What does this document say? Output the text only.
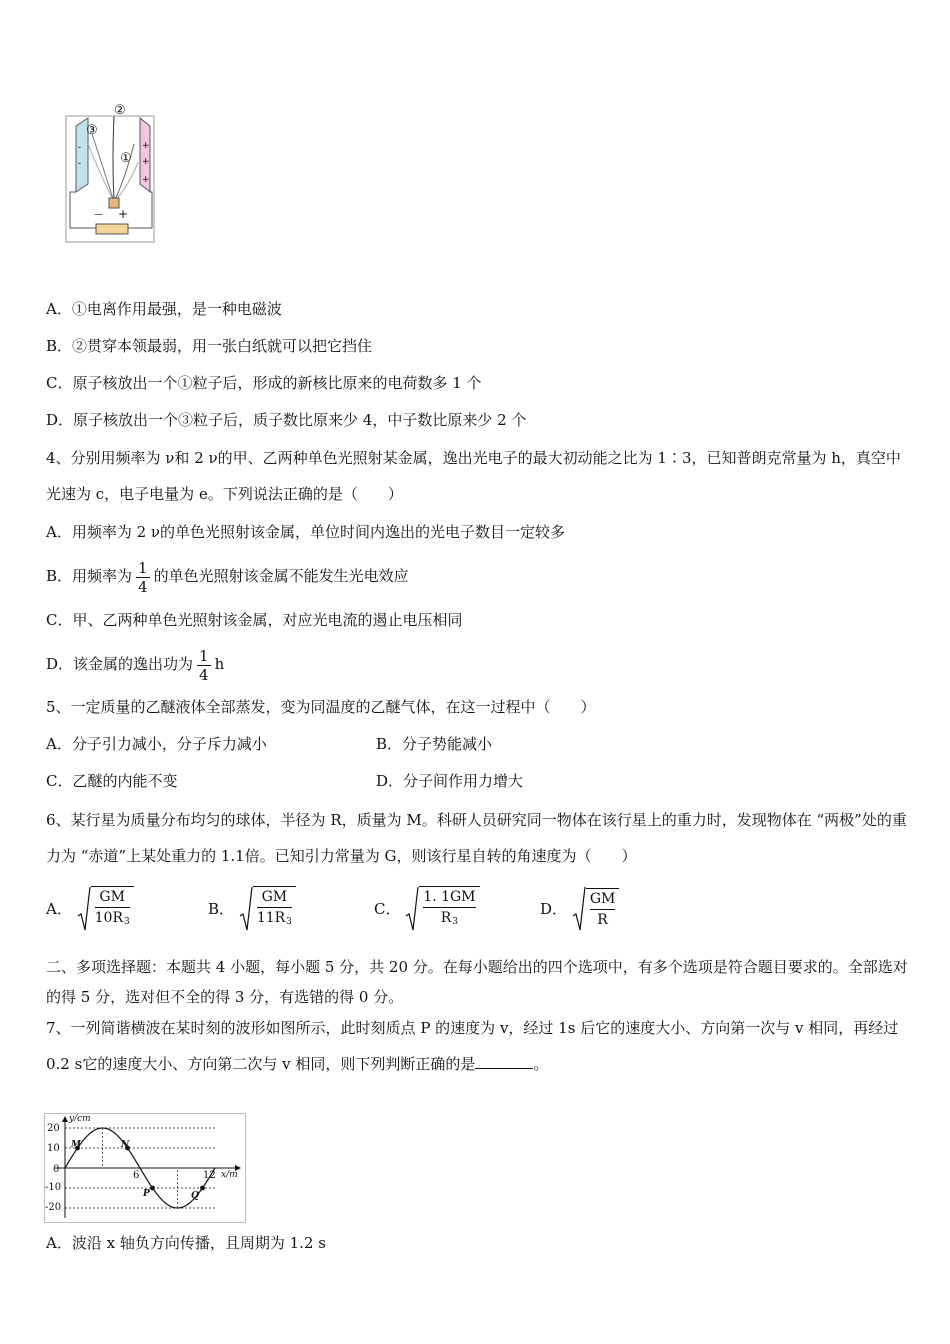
-
-
+
+
+
②
③
①
— +
A．①电离作用最强，是一种电磁波
B．②贯穿本领最弱，用一张白纸就可以把它挡住
C．原子核放出一个①粒子后，形成的新核比原来的电荷数多 1 个
D．原子核放出一个③粒子后，质子数比原来少 4，中子数比原来少 2 个
4、分别用频率为 ν和 2 ν的甲、乙两种单色光照射某金属，逸出光电子的最大初动能之比为 1∶3，已知普朗克常量为 h，真空中光速为 c，电子电量为 e。下列说法正确的是（　　）
A．用频率为 2 ν的单色光照射该金属，单位时间内逸出的光电子数目一定较多
B．用频率为 $\frac{1}{4}$ 的单色光照射该金属不能发生光电效应
C．甲、乙两种单色光照射该金属，对应光电流的遏止电压相同
D．该金属的逸出功为 $\frac{1}{4}$ h
5、一定质量的乙醚液体全部蒸发，变为同温度的乙醚气体，在这一过程中（　　）
A．分子引力减小，分子斥力减小	B．分子势能减小
C．乙醚的内能不变	D．分子间作用力增大
6、某行星为质量分布均匀的球体，半径为 R，质量为 M。科研人员研究同一物体在该行星上的重力时，发现物体在 “两极”处的重力为 “赤道”上某处重力的 1.1倍。已知引力常量为 G，则该行星自转的角速度为（　　）
A． $\frac{GM}{10R3}$	B． $\frac{GM}{11R3}$	C． $\frac{1. 1GM}{R3}$	D． $\frac{GM}{R}$
二、多项选择题：本题共 4 小题，每小题 5 分，共 20 分。在每小题给出的四个选项中，有多个选项是符合题目要求的。全部选对的得 5 分，选对但不全的得 3 分，有选错的得 0 分。
7、一列简谐横波在某时刻的波形如图所示，此时刻质点 P 的速度为 v，经过 1s 后它的速度大小、方向第一次与 v 相同，再经过 0.2 s它的速度大小、方向第二次与 v 相同，则下列判断正确的是	。
y/cm
x/m
20
10
0
-10
-20
6	12
M	N
P	Q
A．波沿 x 轴负方向传播，且周期为 1.2 s
